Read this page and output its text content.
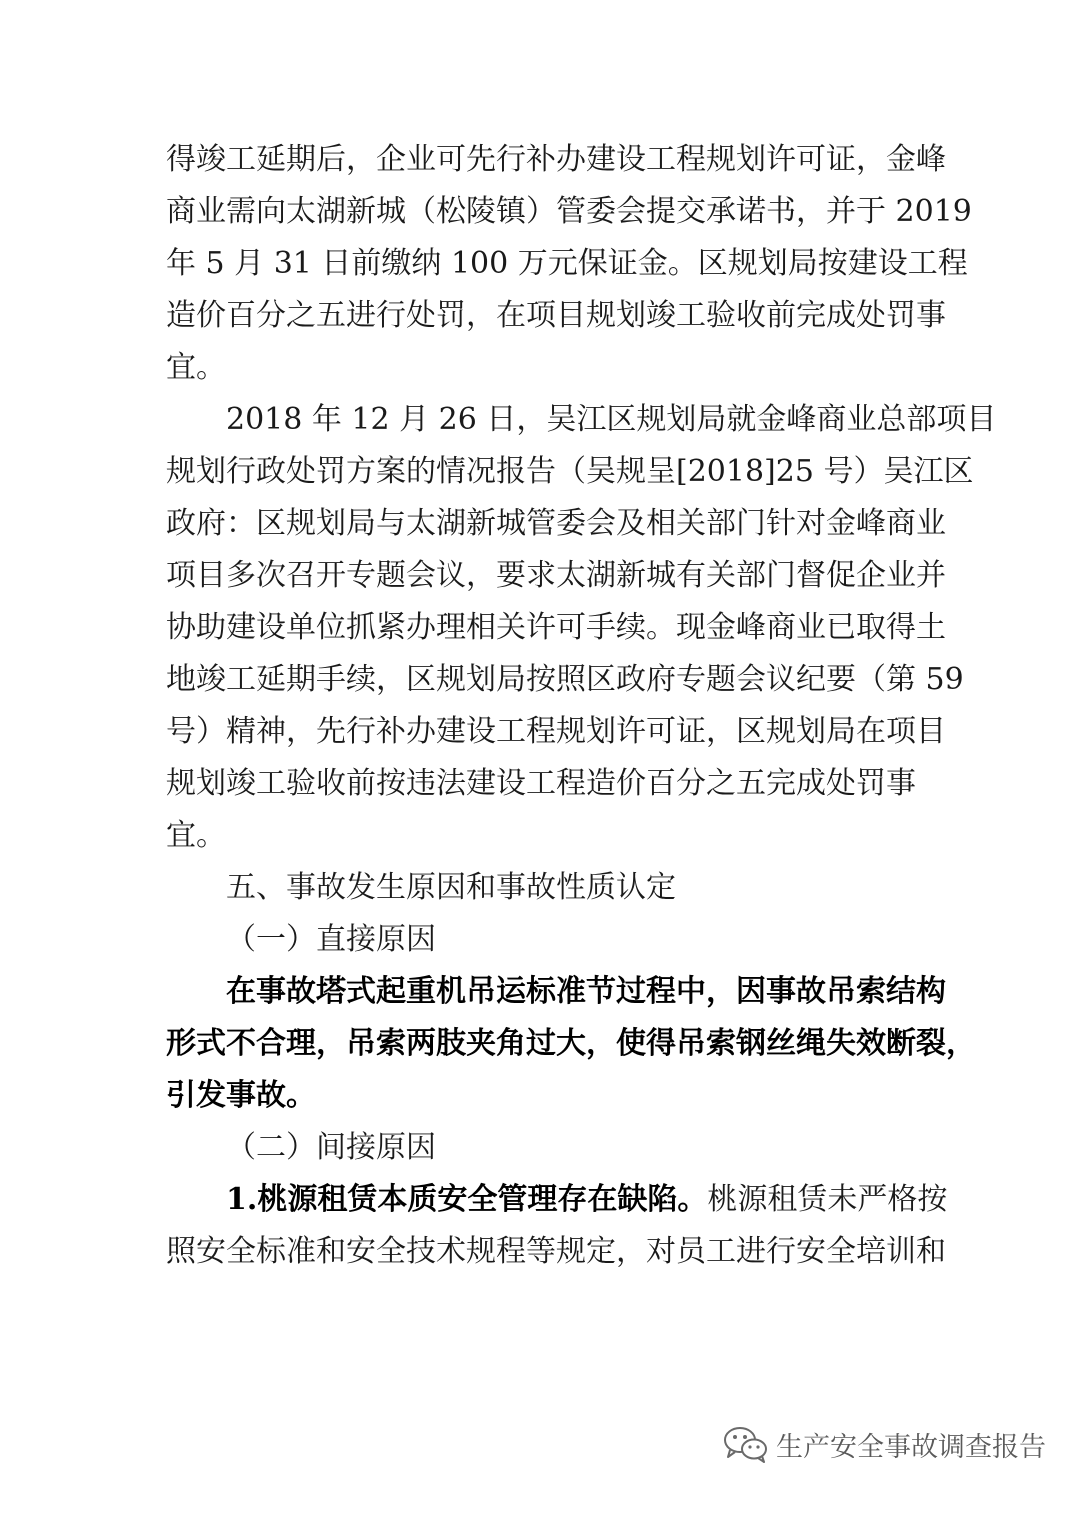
得竣工延期后，企业可先行补办建设工程规划许可证，金峰
商业需向太湖新城（松陵镇）管委会提交承诺书，并于 2019
年 5 月 31 日前缴纳 100 万元保证金。区规划局按建设工程
造价百分之五进行处罚，在项目规划竣工验收前完成处罚事
宜。
2018 年 12 月 26 日，吴江区规划局就金峰商业总部项目
规划行政处罚方案的情况报告（吴规呈[2018]25 号）吴江区
政府：区规划局与太湖新城管委会及相关部门针对金峰商业
项目多次召开专题会议，要求太湖新城有关部门督促企业并
协助建设单位抓紧办理相关许可手续。现金峰商业已取得土
地竣工延期手续，区规划局按照区政府专题会议纪要（第 59
号）精神，先行补办建设工程规划许可证，区规划局在项目
规划竣工验收前按违法建设工程造价百分之五完成处罚事
宜。
五、事故发生原因和事故性质认定
（一）直接原因
在事故塔式起重机吊运标准节过程中，因事故吊索结构
形式不合理，吊索两肢夹角过大，使得吊索钢丝绳失效断裂，
引发事故。
（二）间接原因
1.桃源租赁本质安全管理存在缺陷。桃源租赁未严格按
照安全标准和安全技术规程等规定，对员工进行安全培训和
生产安全事故调查报告
